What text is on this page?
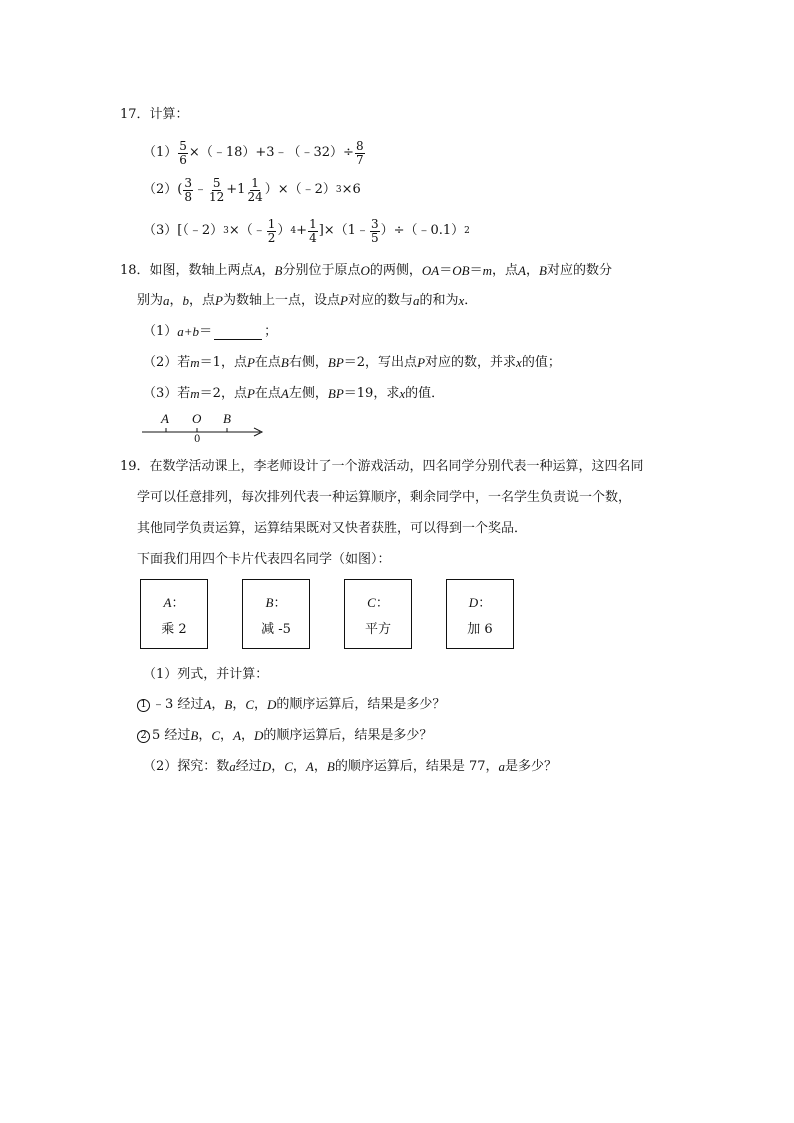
17．计算：
$(1) \frac{5}{6}$ ×（﹣18）+3﹣（﹣32）÷ $\frac{8}{7}$
$(2)( \frac{3}{8}$ ﹣ $\frac{5}{12} +1 \frac{1}{24}$ ）×（﹣2） 3 ×6
（3）[（﹣2） 3 ×（﹣ $\frac{1}{2}$ ） $4 + \frac{1}{4}$ ]×（1﹣ $\frac{3}{5}$ ）÷（﹣0.1） 2
18．如图，数轴上两点 A ， B 分别位于原点 O 的两侧， OA ＝ OB ＝ m ，点 A ， B 对应的数分
别为 a ， b ，点 P 为数轴上一点，设点 P 对应的数与 a 的和为 x ．
（1） a+b ＝	；
（2）若 m ＝1，点 P 在点 B 右侧， BP ＝2，写出点 P 对应的数，并求 x 的值；
（3）若 m ＝2，点 P 在点 A 左侧， BP ＝19，求 x 的值．
A O B
0
19．在数学活动课上，李老师设计了一个游戏活动，四名同学分别代表一种运算，这四名同
学可以任意排列，每次排列代表一种运算顺序，剩余同学中，一名学生负责说一个数，
其他同学负责运算，运算结果既对又快者获胜，可以得到一个奖品．
下面我们用四个卡片代表四名同学（如图）：
A：
乘 2
B：
减 -5
C：
平方
D：
加 6
（1）列式，并计算：
1 ﹣3 经过 A ， B ， C ， D 的顺序运算后，结果是多少？
2 5 经过 B ， C ， A ， D 的顺序运算后，结果是多少？
（2）探究：数 a 经过 D ， C ， A ， B 的顺序运算后，结果是 77， a 是多少？
